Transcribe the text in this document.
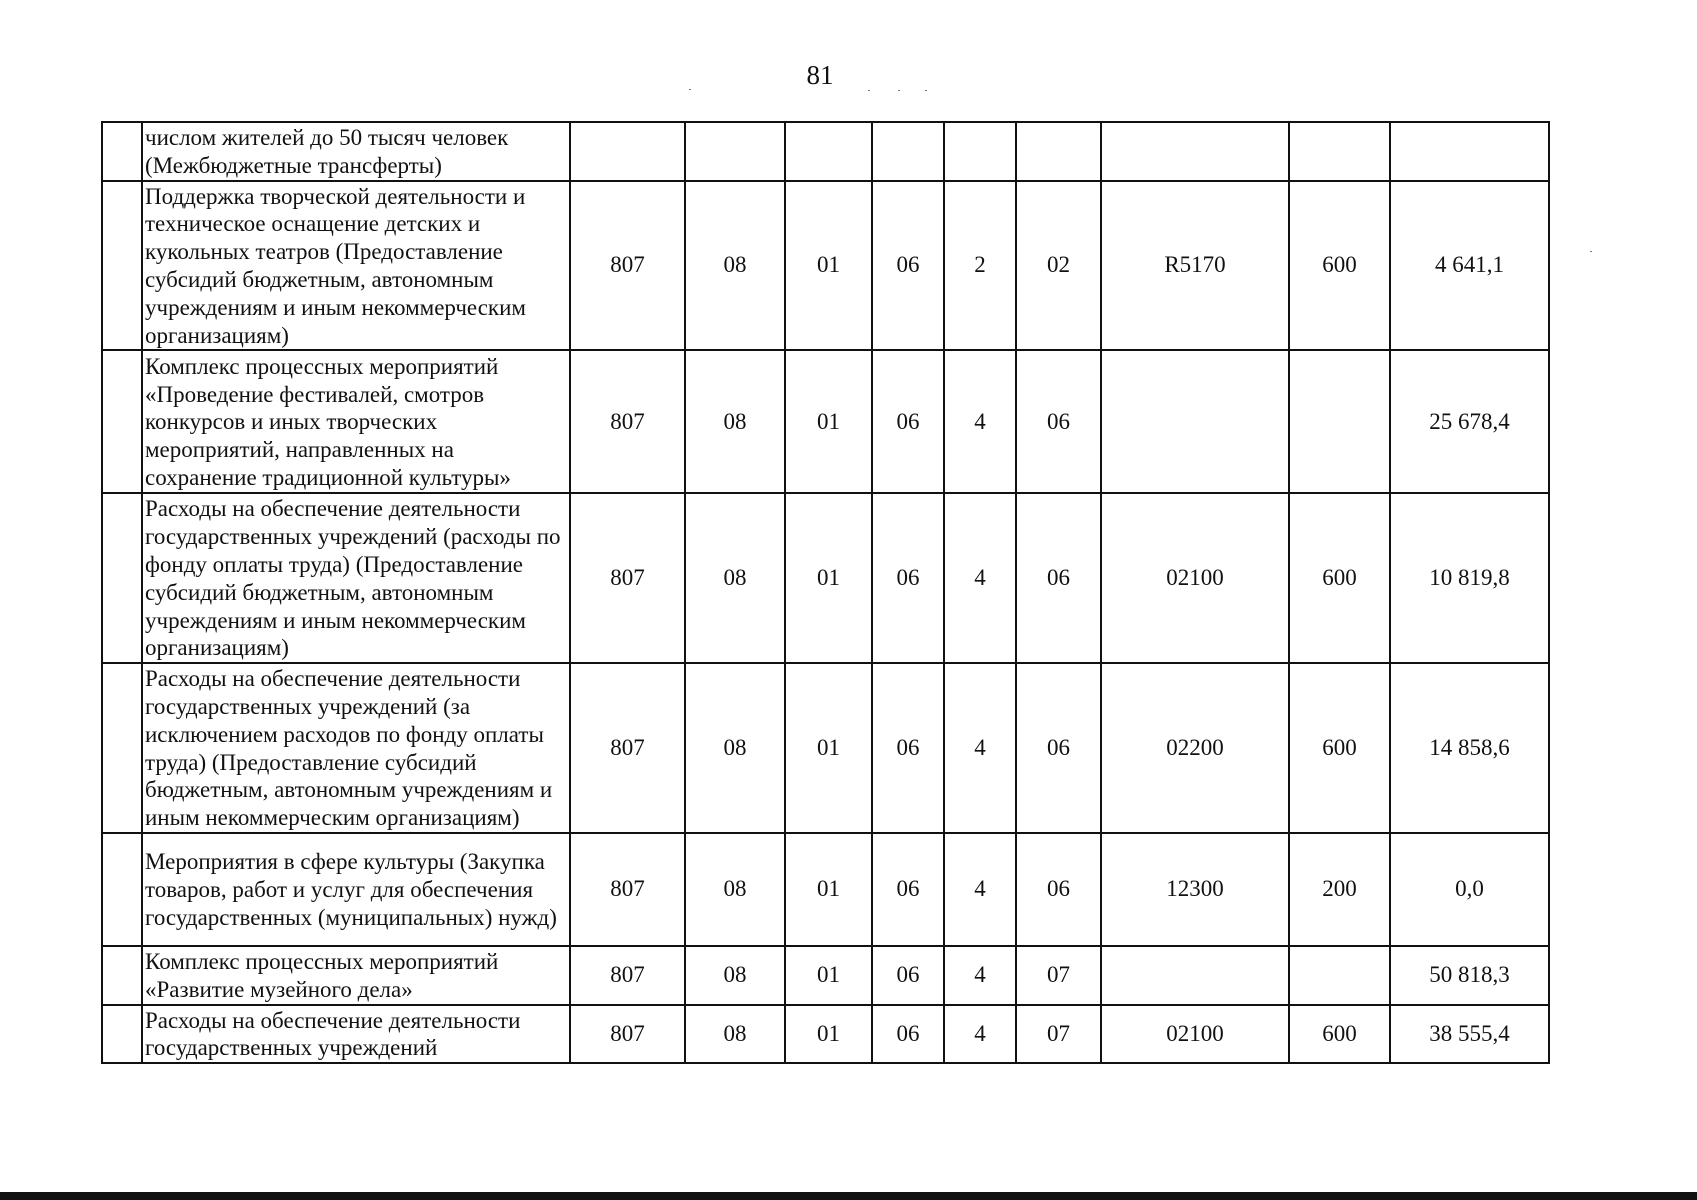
81
	числом жителей до 50 тысяч человек (Межбюджетные трансферты)									
	Поддержка творческой деятельности и техническое оснащение детских и кукольных театров (Предоставление субсидий бюджетным, автономным учреждениям и иным некоммерческим организациям)	807	08	01	06	2	02	R5170	600	4 641,1
	Комплекс процессных мероприятий «Проведение фестивалей, смотров конкурсов и иных творческих мероприятий, направленных на сохранение традиционной культуры»	807	08	01	06	4	06			25 678,4
	Расходы на обеспечение деятельности государственных учреждений (расходы по фонду оплаты труда) (Предоставление субсидий бюджетным, автономным учреждениям и иным некоммерческим организациям)	807	08	01	06	4	06	02100	600	10 819,8
	Расходы на обеспечение деятельности государственных учреждений (за исключением расходов по фонду оплаты труда) (Предоставление субсидий бюджетным, автономным учреждениям и иным некоммерческим организациям)	807	08	01	06	4	06	02200	600	14 858,6
	Мероприятия в сфере культуры (Закупка товаров, работ и услуг для обеспечения государственных (муниципальных) нужд)	807	08	01	06	4	06	12300	200	0,0
	Комплекс процессных мероприятий «Развитие музейного дела»	807	08	01	06	4	07			50 818,3
	Расходы на обеспечение деятельности государственных учреждений	807	08	01	06	4	07	02100	600	38 555,4
